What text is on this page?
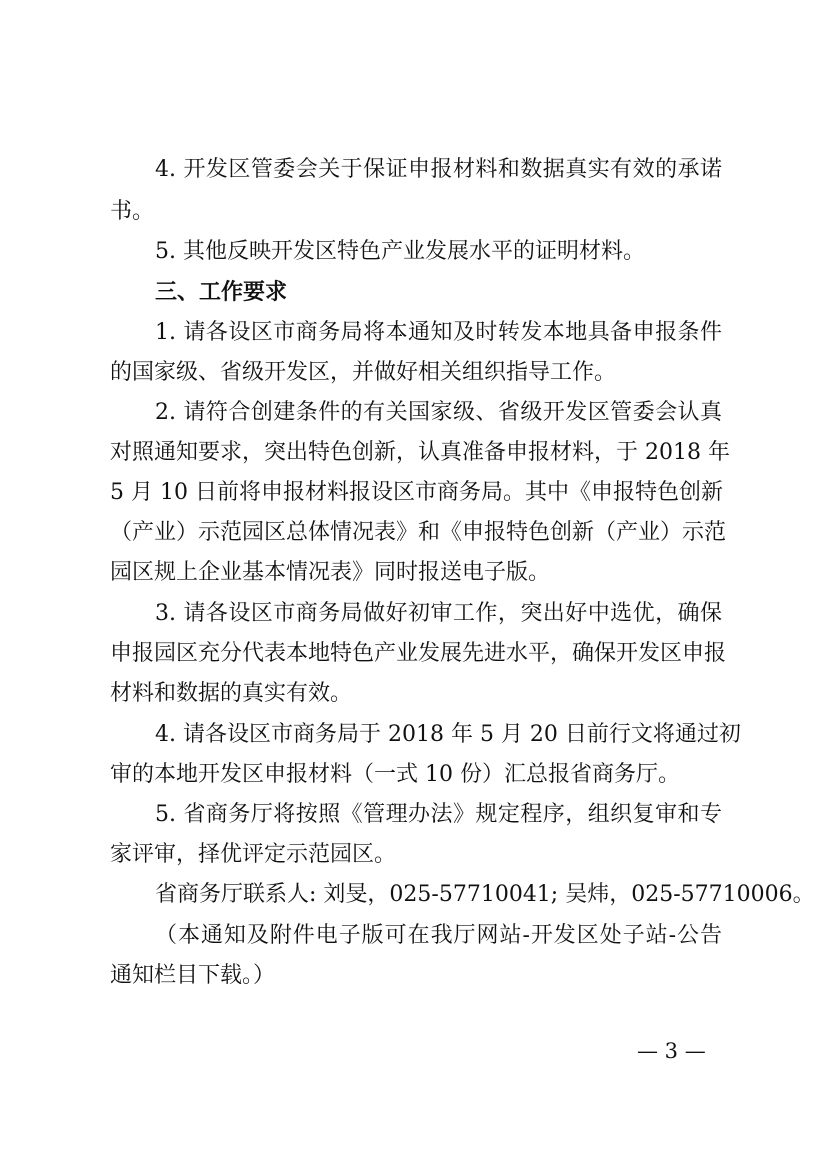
4. 开发区管委会关于保证申报材料和数据真实有效的承诺
书。
5. 其他反映开发区特色产业发展水平的证明材料。
三、工作要求
1. 请各设区市商务局将本通知及时转发本地具备申报条件
的国家级、省级开发区，并做好相关组织指导工作。
2. 请符合创建条件的有关国家级、省级开发区管委会认真
对照通知要求，突出特色创新，认真准备申报材料，于 2018 年
5 月 10 日前将申报材料报设区市商务局。其中《申报特色创新
（产业）示范园区总体情况表》和《申报特色创新（产业）示范
园区规上企业基本情况表》同时报送电子版。
3. 请各设区市商务局做好初审工作，突出好中选优，确保
申报园区充分代表本地特色产业发展先进水平，确保开发区申报
材料和数据的真实有效。
4. 请各设区市商务局于 2018 年 5 月 20 日前行文将通过初
审的本地开发区申报材料（一式 10 份）汇总报省商务厅。
5. 省商务厅将按照《管理办法》规定程序，组织复审和专
家评审，择优评定示范园区。
省商务厅联系人: 刘旻，025-57710041; 吴炜，025-57710006。
（本通知及附件电子版可在我厅网站-开发区处子站-公告
通知栏目下载。）
— 3 —
